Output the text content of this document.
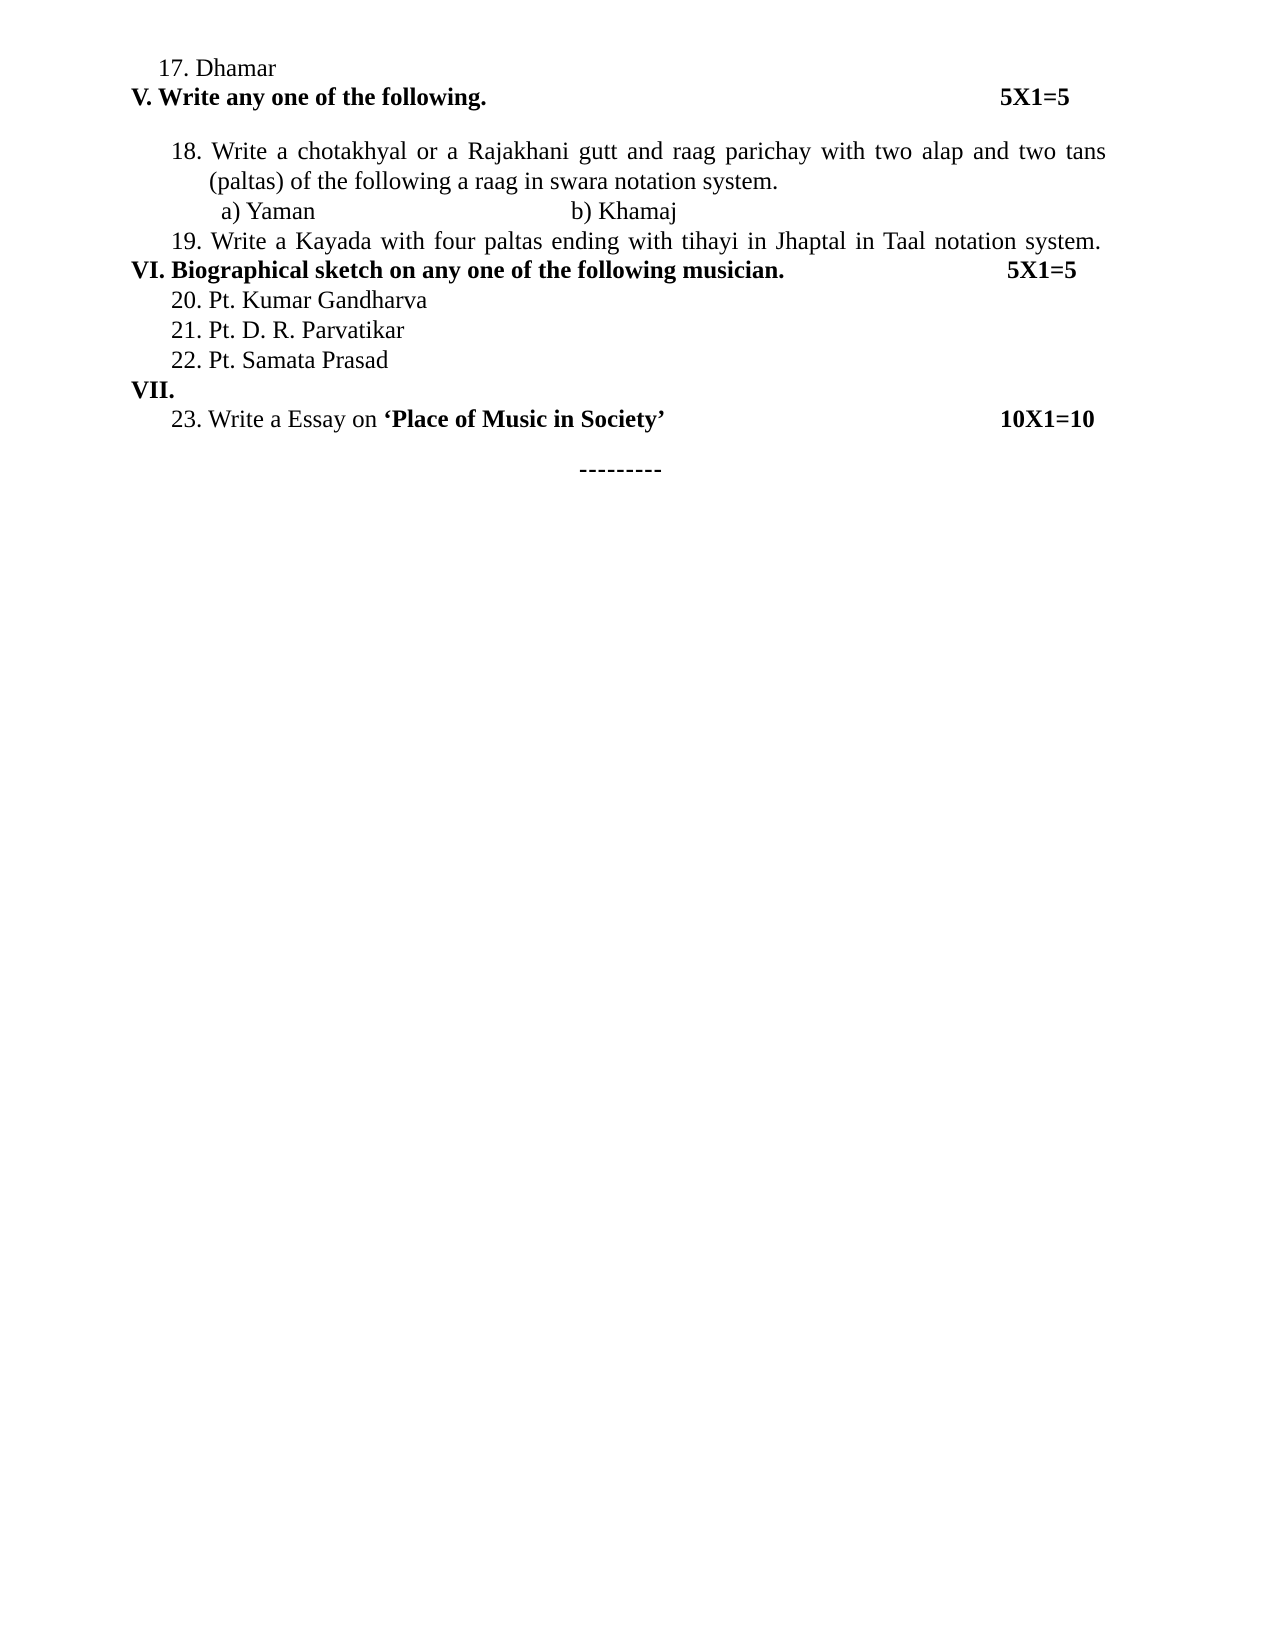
17. Dhamar
V. Write any one of the following.	5X1=5
18. Write a chotakhyal or a Rajakhani gutt and raag parichay with two alap and two tans
(paltas) of the following a raag in swara notation system.
a) Yaman	b) Khamaj
19. Write a Kayada with four paltas ending with tihayi in Jhaptal in Taal notation system.
VI. Biographical sketch on any one of the following musician.	5X1=5
20. Pt. Kumar Gandharva
21. Pt. D. R. Parvatikar
22. Pt. Samata Prasad
VII.
23. Write a Essay on ‘Place of Music in Society’	10X1=10
---------
